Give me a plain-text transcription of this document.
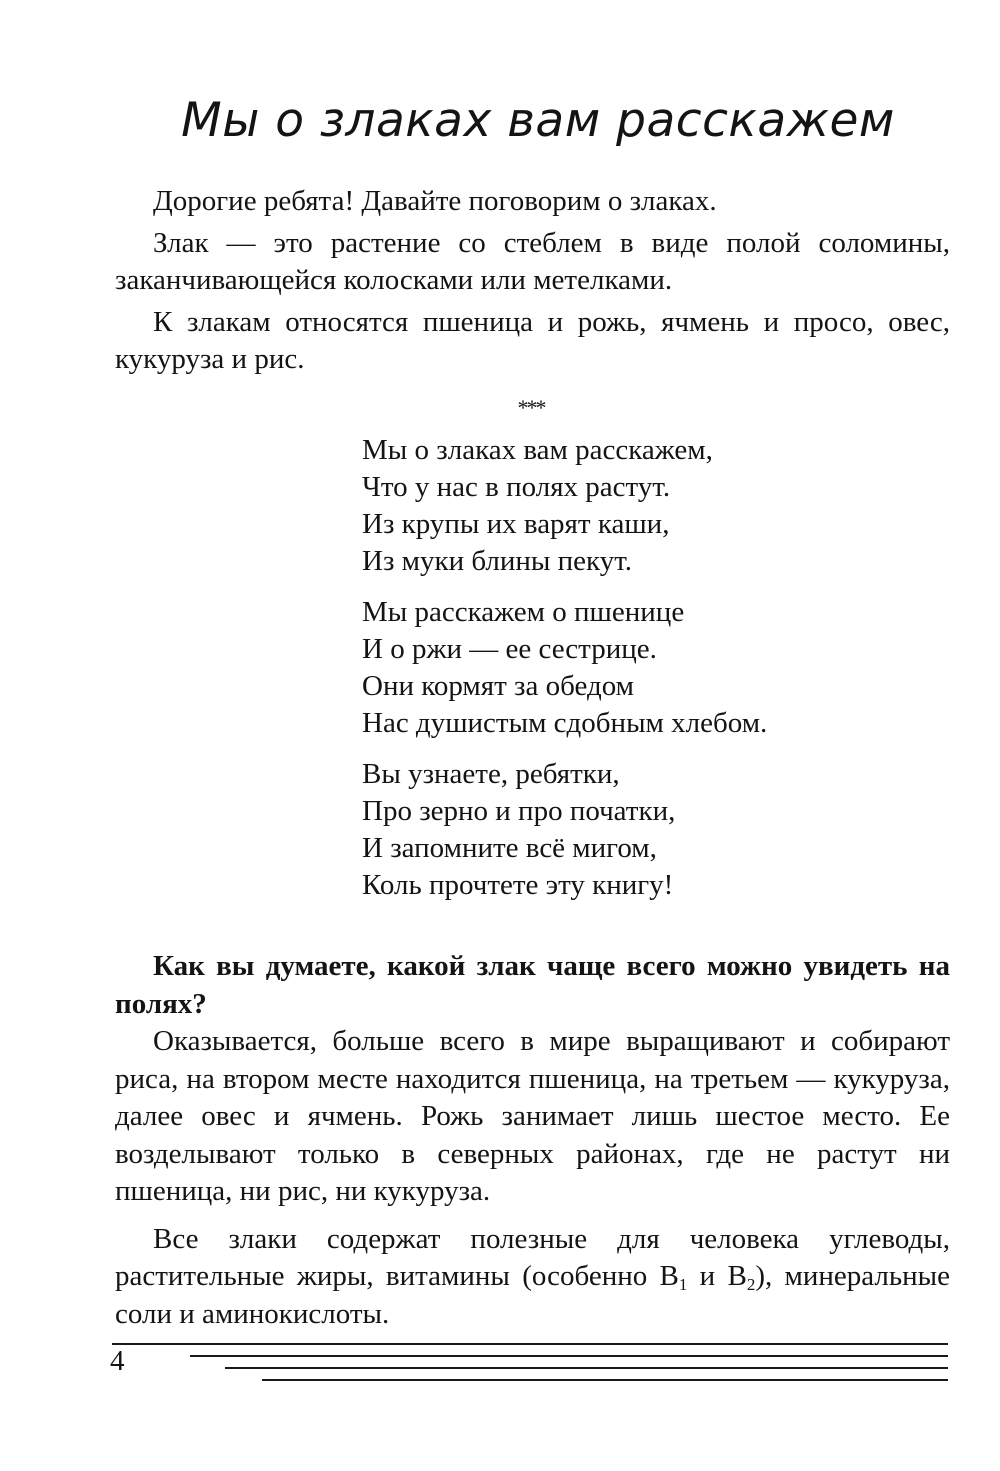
Мы о злаках вам расскажем

Дорогие ребята! Давайте поговорим о злаках.

Злак — это растение со стеблем в виде полой соломины, заканчивающейся колосками или метелками.

К злакам относятся пшеница и рожь, ячмень и просо, овес, кукуруза и рис.

***
Мы о злаках вам расскажем,
Что у нас в полях растут.
Из крупы их варят каши,
Из муки блины пекут.
Мы расскажем о пшенице
И о ржи — ее сестрице.
Они кормят за обедом
Нас душистым сдобным хлебом.
Вы узнаете, ребятки,
Про зерно и про початки,
И запомните всё мигом,
Коль прочтете эту книгу!

Как вы думаете, какой злак чаще всего можно увидеть на полях?

Оказывается, больше всего в мире выращивают и собирают риса, на втором месте находится пшеница, на третьем — кукуруза, далее овес и ячмень. Рожь занимает лишь шестое место. Ее возделывают только в северных районах, где не растут ни пшеница, ни рис, ни кукуруза.

Все злаки содержат полезные для человека углеводы, растительные жиры, витамины (особенно $B_1$ и $B_2$), минеральные соли и аминокислоты.

4
